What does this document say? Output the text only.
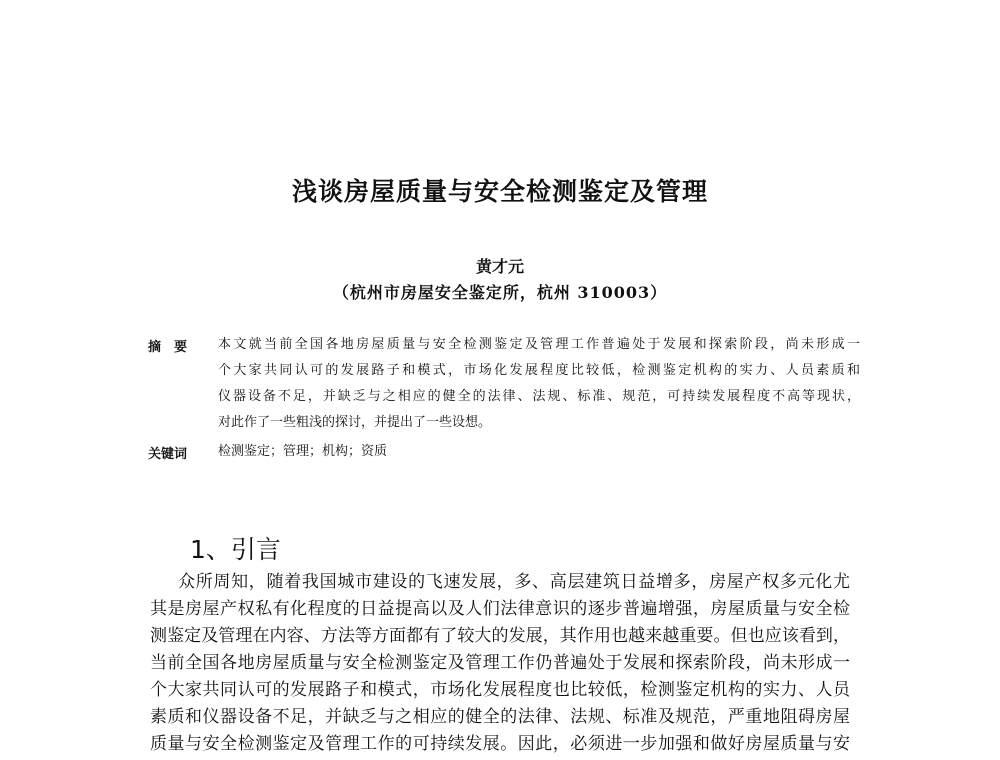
浅谈房屋质量与安全检测鉴定及管理
黄才元
（杭州市房屋安全鉴定所，杭州 310003）
摘　要 本文就当前全国各地房屋质量与安全检测鉴定及管理工作普遍处于发展和探索阶段，尚未形成一
个大家共同认可的发展路子和模式，市场化发展程度比较低，检测鉴定机构的实力、人员素质和
仪器设备不足，并缺乏与之相应的健全的法律、法规、标准、规范，可持续发展程度不高等现状，
对此作了一些粗浅的探讨，并提出了一些设想。
关键词 检测鉴定；管理；机构；资质
1、引言
众所周知，随着我国城市建设的飞速发展，多、高层建筑日益增多，房屋产权多元化尤
其是房屋产权私有化程度的日益提高以及人们法律意识的逐步普遍增强，房屋质量与安全检
测鉴定及管理在内容、方法等方面都有了较大的发展，其作用也越来越重要。但也应该看到，
当前全国各地房屋质量与安全检测鉴定及管理工作仍普遍处于发展和探索阶段，尚未形成一
个大家共同认可的发展路子和模式，市场化发展程度也比较低，检测鉴定机构的实力、人员
素质和仪器设备不足，并缺乏与之相应的健全的法律、法规、标准及规范，严重地阻碍房屋
质量与安全检测鉴定及管理工作的可持续发展。因此，必须进一步加强和做好房屋质量与安
